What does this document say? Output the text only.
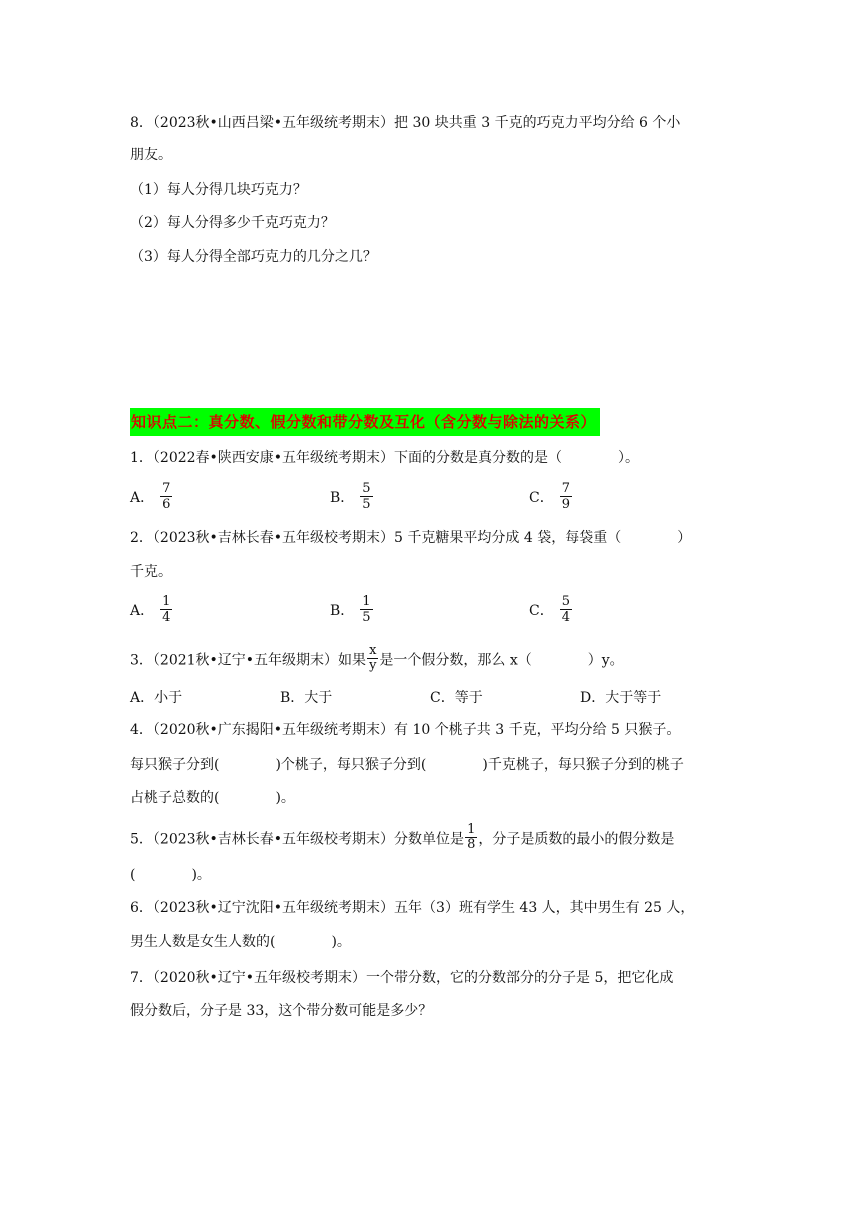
8．（2023秋•山西吕梁•五年级统考期末）把 30 块共重 3 千克的巧克力平均分给 6 个小
朋友。
（1）每人分得几块巧克力？
（2）每人分得多少千克巧克力？
（3）每人分得全部巧克力的几分之几？
知识点二：真分数、假分数和带分数及互化（含分数与除法的关系）
1．（2022春•陕西安康•五年级统考期末）下面的分数是真分数的是（　　　　）。
A． $\frac{7}{6}$	B． $\frac{5}{5}$	C． $\frac{7}{9}$
2．（2023秋•吉林长春•五年级校考期末）5 千克糖果平均分成 4 袋，每袋重（　　　　）
千克。
A． $\frac{1}{4}$	B． $\frac{1}{5}$	C． $\frac{5}{4}$
3．（2021秋•辽宁•五年级期末）如果 $\frac{x}{y}$ 是一个假分数，那么 x（　　　　）y。
A．小于	B．大于	C．等于	D．大于等于
4．（2020秋•广东揭阳•五年级统考期末）有 10 个桃子共 3 千克，平均分给 5 只猴子。
每只猴子分到(　　　　)个桃子，每只猴子分到(　　　　)千克桃子，每只猴子分到的桃子
占桃子总数的(　　　　)。
5．（2023秋•吉林长春•五年级校考期末）分数单位是 $\frac{1}{8}$ ，分子是质数的最小的假分数是
(　　　　)。
6．（2023秋•辽宁沈阳•五年级统考期末）五年（3）班有学生 43 人，其中男生有 25 人，
男生人数是女生人数的(　　　　)。
7．（2020秋•辽宁•五年级校考期末）一个带分数，它的分数部分的分子是 5，把它化成
假分数后，分子是 33，这个带分数可能是多少？
